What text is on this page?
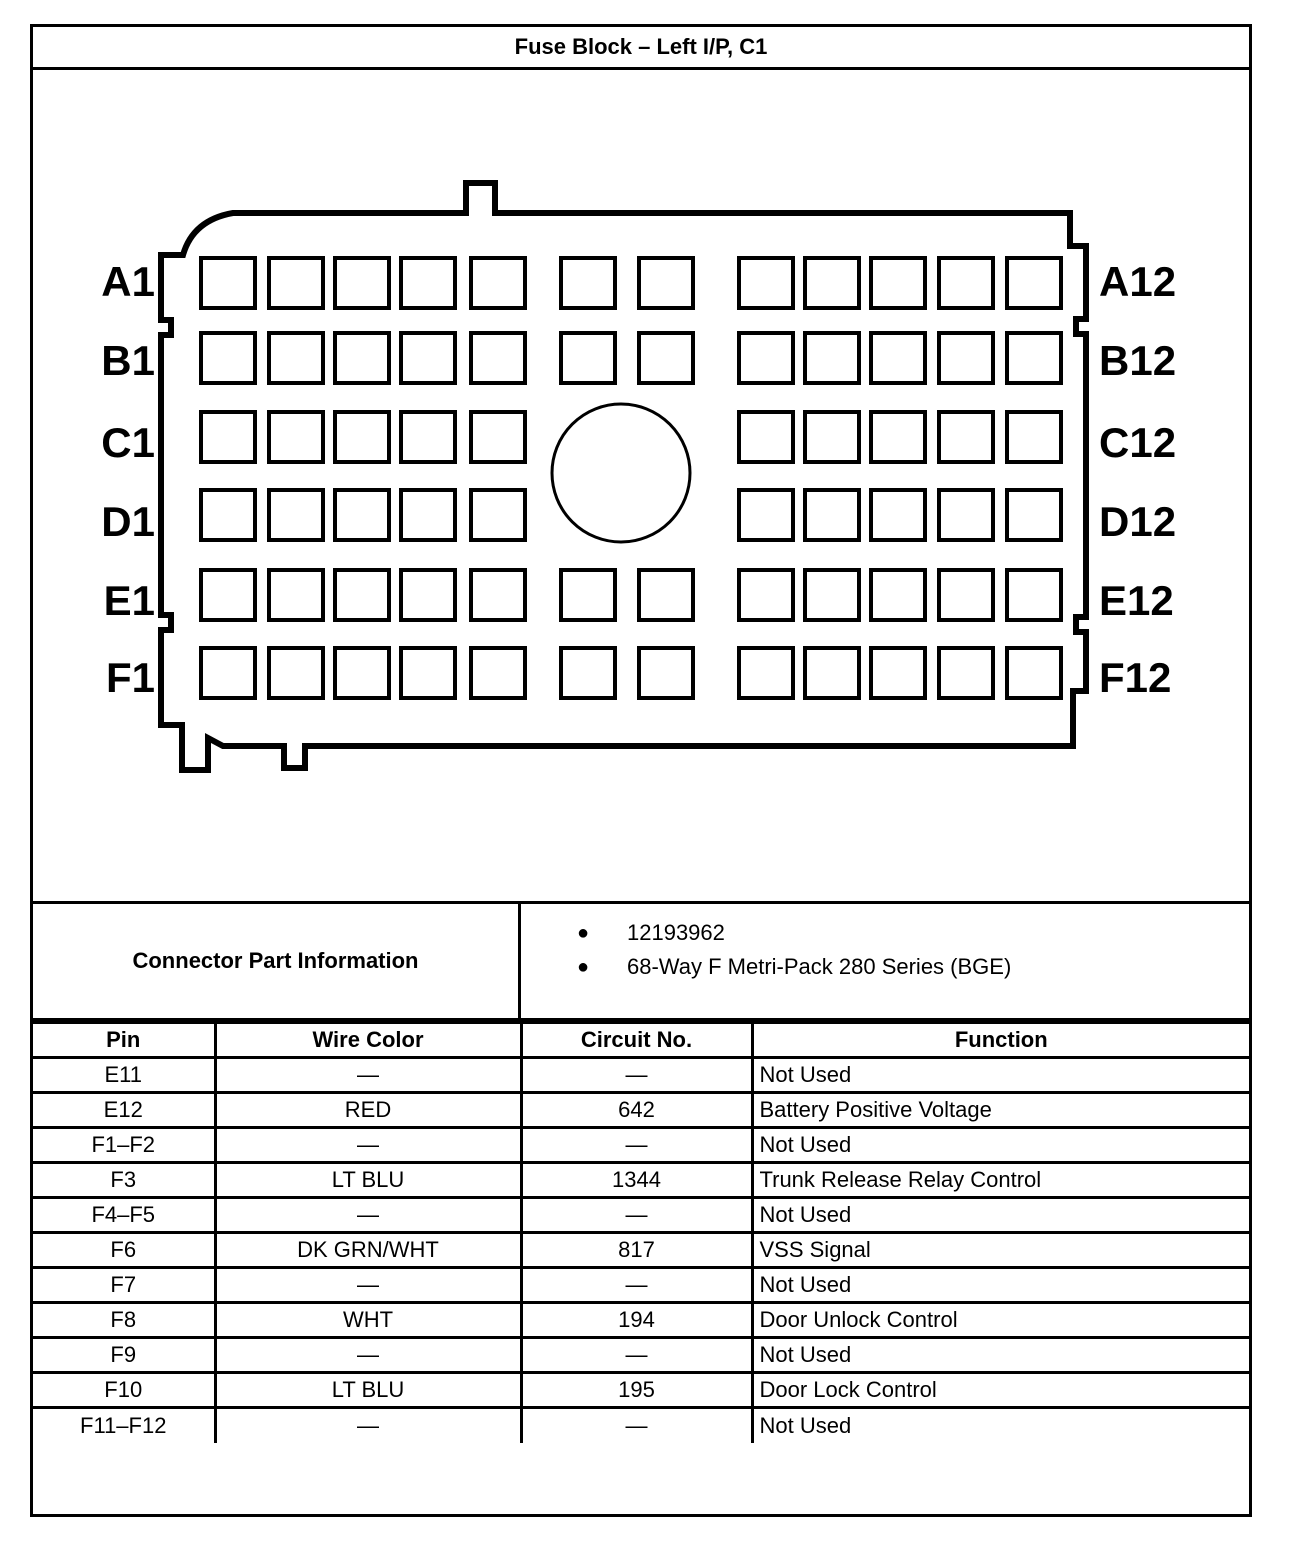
Fuse Block – Left I/P, C1
A1
B1
C1
D1
E1
F1
A12
B12
C12
D12
E12
F12
Connector Part Information
●	12193962
●	68-Way F Metri-Pack 280 Series (BGE)
Pin	Wire Color	Circuit No.	Function
E11	—	—	Not Used
E12	RED	642	Battery Positive Voltage
F1–F2	—	—	Not Used
F3	LT BLU	1344	Trunk Release Relay Control
F4–F5	—	—	Not Used
F6	DK GRN/WHT	817	VSS Signal
F7	—	—	Not Used
F8	WHT	194	Door Unlock Control
F9	—	—	Not Used
F10	LT BLU	195	Door Lock Control
F11–F12	—	—	Not Used
